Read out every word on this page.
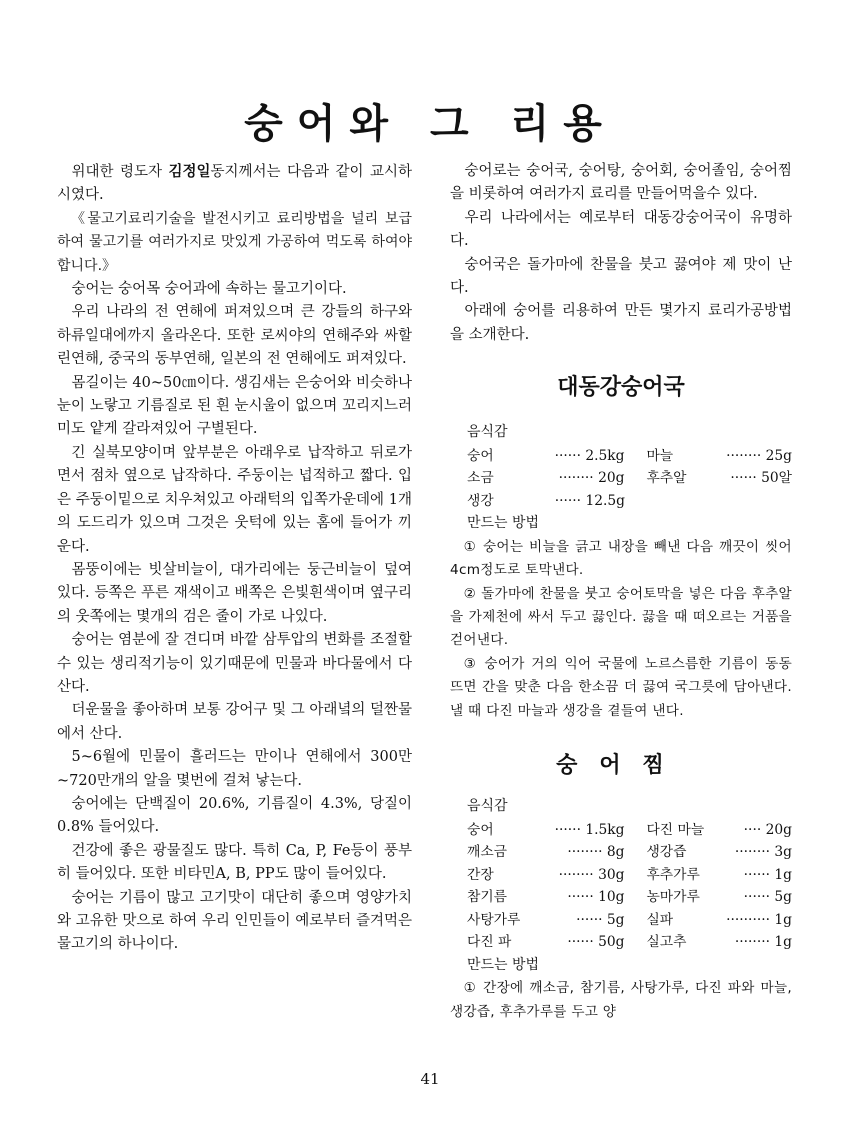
숭어와 그 리용

위대한 령도자 김정일동지께서는 다음과 같이 교시하시였다.

《물고기료리기술을 발전시키고 료리방법을 널리 보급하여 물고기를 여러가지로 맛있게 가공하여 먹도록 하여야 합니다.》

숭어는 숭어목 숭어과에 속하는 물고기이다.

우리 나라의 전 연해에 퍼져있으며 큰 강들의 하구와 하류일대에까지 올라온다. 또한 로씨야의 연해주와 싸할린연해, 중국의 동부연해, 일본의 전 연해에도 퍼져있다.

몸길이는 40~50㎝이다. 생김새는 은숭어와 비슷하나 눈이 노랗고 기름질로 된 흰 눈시울이 없으며 꼬리지느러미도 얕게 갈라져있어 구별된다.

긴 실북모양이며 앞부분은 아래우로 납작하고 뒤로가면서 점차 옆으로 납작하다. 주둥이는 넙적하고 짧다. 입은 주둥이밑으로 치우쳐있고 아래턱의 입쪽가운데에 1개의 도드리가 있으며 그것은 웃턱에 있는 홈에 들어가 끼운다.

몸뚱이에는 빗살비늘이, 대가리에는 둥근비늘이 덮여있다. 등쪽은 푸른 재색이고 배쪽은 은빛흰색이며 옆구리의 웃쪽에는 몇개의 검은 줄이 가로 나있다.

숭어는 염분에 잘 견디며 바깥 삼투압의 변화를 조절할수 있는 생리적기능이 있기때문에 민물과 바다물에서 다 산다.

더운물을 좋아하며 보통 강어구 및 그 아래녘의 덜짠물에서 산다.

5~6월에 민물이 흘러드는 만이나 연해에서 300만~720만개의 알을 몇번에 걸쳐 낳는다.

숭어에는 단백질이 20.6%, 기름질이 4.3%, 당질이 0.8% 들어있다.

건강에 좋은 광물질도 많다. 특히 Ca, P, Fe등이 풍부히 들어있다. 또한 비타민A, B, PP도 많이 들어있다.

숭어는 기름이 많고 고기맛이 대단히 좋으며 영양가치와 고유한 맛으로 하여 우리 인민들이 예로부터 즐겨먹은 물고기의 하나이다.

숭어로는 숭어국, 숭어탕, 숭어회, 숭어졸임, 숭어찜을 비롯하여 여러가지 료리를 만들어먹을수 있다.

우리 나라에서는 예로부터 대동강숭어국이 유명하다.

숭어국은 돌가마에 찬물을 붓고 끓여야 제 맛이 난다.

아래에 숭어를 리용하여 만든 몇가지 료리가공방법을 소개한다.

대동강숭어국
음식감
숭어	······ 2.5kg 마늘	········ 25g
소금	········ 20g 후추알	······ 50알
생강	······ 12.5g
만드는 방법

① 숭어는 비늘을 긁고 내장을 빼낸 다음 깨끗이 씻어 4cm정도로 토막낸다.

② 돌가마에 찬물을 붓고 숭어토막을 넣은 다음 후추알을 가제천에 싸서 두고 끓인다. 끓을 때 떠오르는 거품을 걷어낸다.

③ 숭어가 거의 익어 국물에 노르스름한 기름이 동동 뜨면 간을 맞춘 다음 한소끔 더 끓여 국그릇에 담아낸다. 낼 때 다진 마늘과 생강을 곁들여 낸다.

숭어찜
음식감
숭어	······ 1.5kg 다진 마늘	···· 20g
깨소금	········ 8g 생강즙	········ 3g
간장	········ 30g 후추가루	······ 1g
참기름	······ 10g 농마가루	······ 5g
사탕가루	······ 5g 실파	·········· 1g
다진 파	······ 50g 실고추	········ 1g
만드는 방법

① 간장에 깨소금, 참기름, 사탕가루, 다진 파와 마늘, 생강즙, 후추가루를 두고 양

41
